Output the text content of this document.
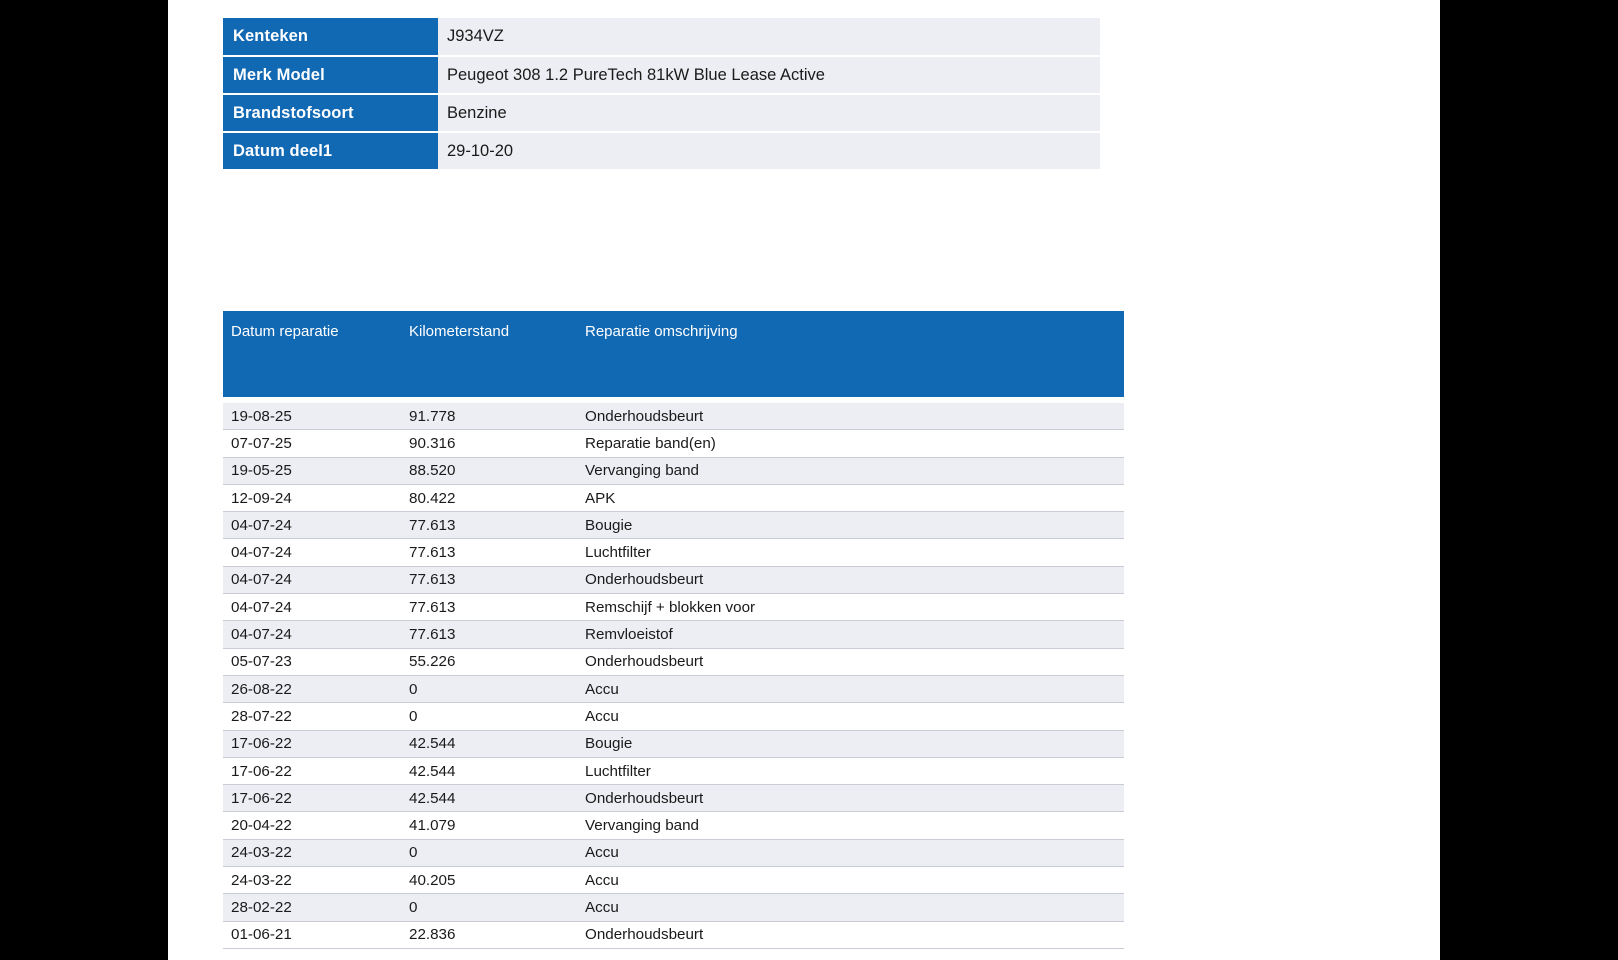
Kenteken	J934VZ
Merk Model	Peugeot 308 1.2 PureTech 81kW Blue Lease Active
Brandstofsoort	Benzine
Datum deel1	29-10-20
Datum reparatie	Kilometerstand	Reparatie omschrijving

19-08-25	91.778	Onderhoudsbeurt
07-07-25	90.316	Reparatie band(en)
19-05-25	88.520	Vervanging band
12-09-24	80.422	APK
04-07-24	77.613	Bougie
04-07-24	77.613	Luchtfilter
04-07-24	77.613	Onderhoudsbeurt
04-07-24	77.613	Remschijf + blokken voor
04-07-24	77.613	Remvloeistof
05-07-23	55.226	Onderhoudsbeurt
26-08-22	0	Accu
28-07-22	0	Accu
17-06-22	42.544	Bougie
17-06-22	42.544	Luchtfilter
17-06-22	42.544	Onderhoudsbeurt
20-04-22	41.079	Vervanging band
24-03-22	0	Accu
24-03-22	40.205	Accu
28-02-22	0	Accu
01-06-21	22.836	Onderhoudsbeurt
